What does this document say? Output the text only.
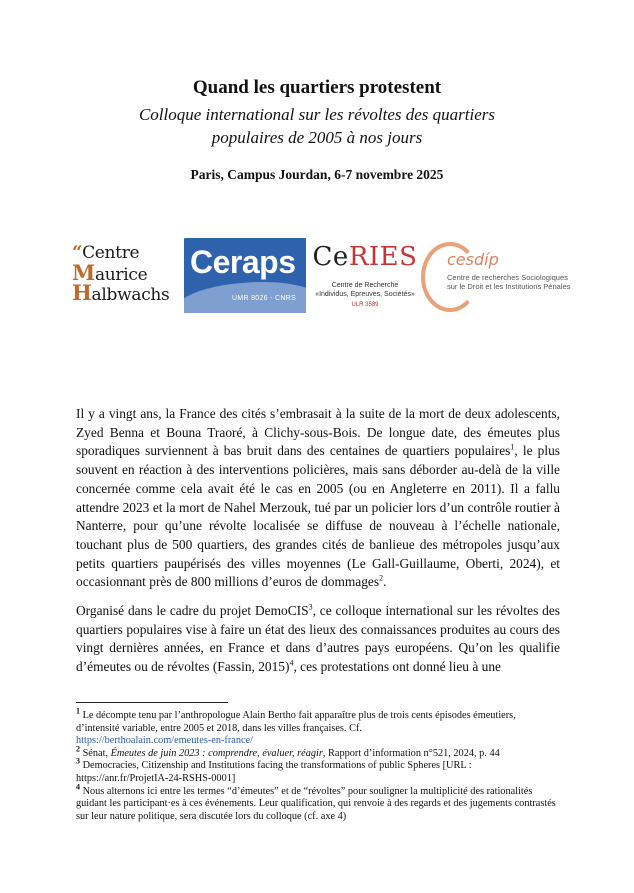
Quand les quartiers protestent
Colloque international sur les révoltes des quartiers
populaires de 2005 à nos jours
Paris, Campus Jourdan, 6-7 novembre 2025
“Centre
Maurice
Halbwachs
Ceraps
UMR 8026 - CNRS
CeRIES
Centre de Recherche
«Individus, Epreuves, Sociétés»
ULR 3589
cesdíp
Centre de recherches Sociologiques sur le Droit et les Institutions Pénales

Il y a vingt ans, la France des cités s’embrasait à la suite de la mort de deux adolescents, Zyed Benna et Bouna Traoré, à Clichy-sous-Bois. De longue date, des émeutes plus sporadiques surviennent à bas bruit dans des centaines de quartiers populaires$^1$, le plus souvent en réaction à des interventions policières, mais sans déborder au-delà de la ville concernée comme cela avait été le cas en 2005 (ou en Angleterre en 2011). Il a fallu attendre 2023 et la mort de Nahel Merzouk, tué par un policier lors d’un contrôle routier à Nanterre, pour qu’une révolte localisée se diffuse de nouveau à l’échelle nationale, touchant plus de 500 quartiers, des grandes cités de banlieue des métropoles jusqu’aux petits quartiers paupérisés des villes moyennes (Le Gall-Guillaume, Oberti, 2024), et occasionnant près de 800 millions d’euros de dommages$^2$.

Organisé dans le cadre du projet DemoCIS$^3$, ce colloque international sur les révoltes des quartiers populaires vise à faire un état des lieux des connaissances produites au cours des vingt dernières années, en France et dans d’autres pays européens. Qu’on les qualifie d’émeutes ou de révoltes (Fassin, 2015)$^4$, ces protestations ont donné lieu à une

$^1$ Le décompte tenu par l’anthropologue Alain Bertho fait apparaître plus de trois cents épisodes émeutiers, d’intensité variable, entre 2005 et 2018, dans les villes françaises. Cf.
https://berthoalain.com/emeutes-en-france/

$^2$ Sénat, Émeutes de juin 2023 : comprendre, évaluer, réagir, Rapport d’information n°521, 2024, p. 44

$^3$ Democracies, Citizenship and Institutions facing the transformations of public Spheres [URL : https://anr.fr/ProjetIA-24-RSHS-0001]

$^4$ Nous alternons ici entre les termes “d’émeutes” et de “révoltes” pour souligner la multiplicité des rationalités guidant les participant·es à ces événements. Leur qualification, qui renvoie à des regards et des jugements contrastés sur leur nature politique, sera discutée lors du colloque (cf. axe 4)
